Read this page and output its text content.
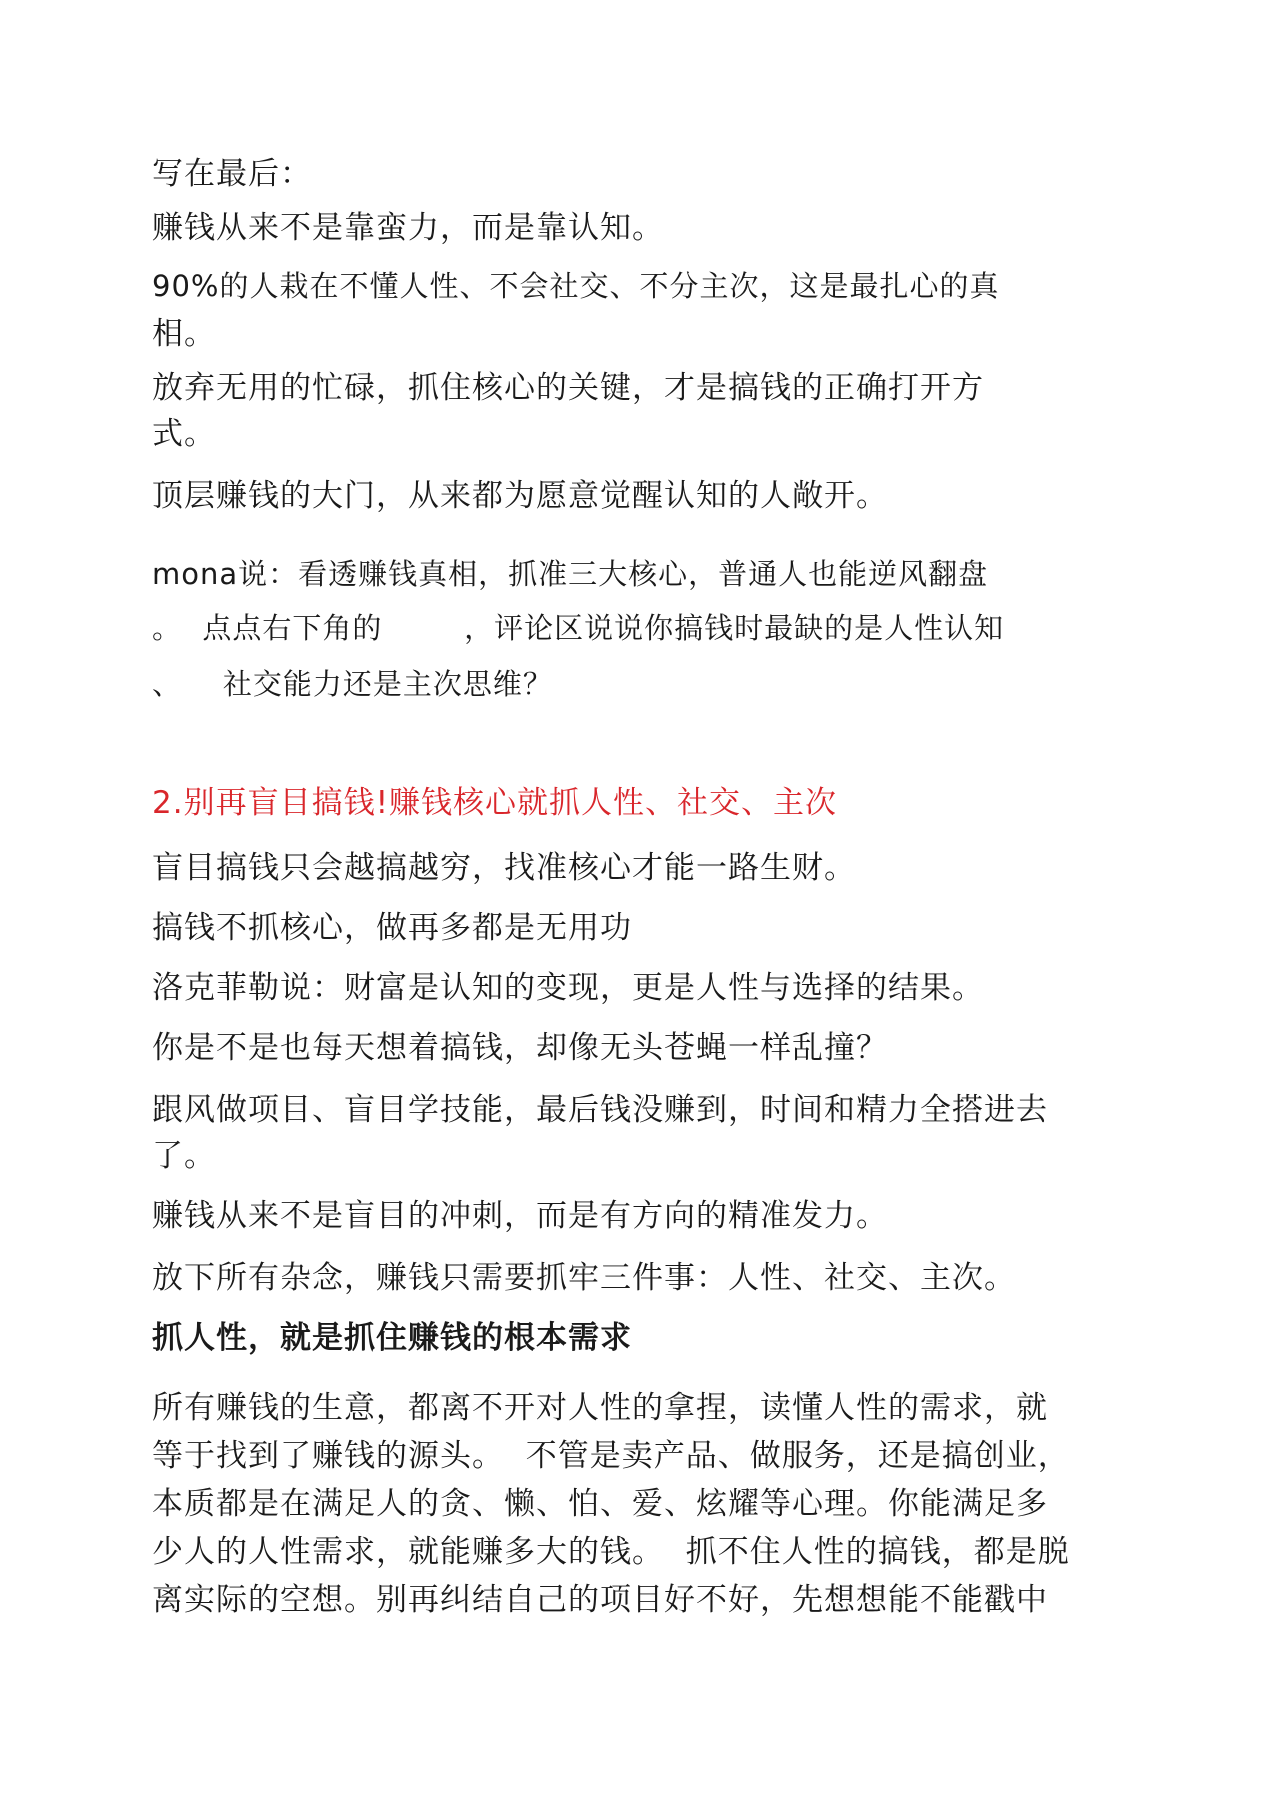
写在最后：

赚钱从来不是靠蛮力，而是靠认知。

90%的人栽在不懂人性、不会社交、不分主次，这是最扎心的真

相。

放弃无用的忙碌，抓住核心的关键，才是搞钱的正确打开方

式。

顶层赚钱的大门，从来都为愿意觉醒认知的人敞开。

mona说：看透赚钱真相，抓准三大核心，普通人也能逆风翻盘

。  点点右下角的        ，评论区说说你搞钱时最缺的是人性认知

、    社交能力还是主次思维？

2.别再盲目搞钱!赚钱核心就抓人性、社交、主次

盲目搞钱只会越搞越穷，找准核心才能一路生财。

搞钱不抓核心，做再多都是无用功

洛克菲勒说：财富是认知的变现，更是人性与选择的结果。

你是不是也每天想着搞钱，却像无头苍蝇一样乱撞？

跟风做项目、盲目学技能，最后钱没赚到，时间和精力全搭进去

了。

赚钱从来不是盲目的冲刺，而是有方向的精准发力。

放下所有杂念，赚钱只需要抓牢三件事：人性、社交、主次。

抓人性，就是抓住赚钱的根本需求

所有赚钱的生意，都离不开对人性的拿捏，读懂人性的需求，就

等于找到了赚钱的源头。  不管是卖产品、做服务，还是搞创业，

本质都是在满足人的贪、懒、怕、爱、炫耀等心理。你能满足多

少人的人性需求，就能赚多大的钱。  抓不住人性的搞钱，都是脱

离实际的空想。别再纠结自己的项目好不好，先想想能不能戳中
